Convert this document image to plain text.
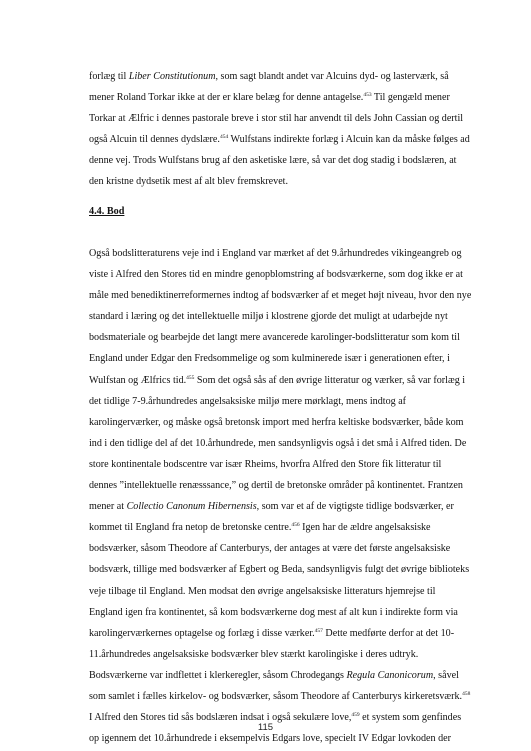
forlæg til Liber Constitutionum, som sagt blandt andet var Alcuins dyd- og lasterværk, så
mener Roland Torkar ikke at der er klare belæg for denne antagelse.$^{453}$ Til gengæld mener
Torkar at Ælfric i dennes pastorale breve i stor stil har anvendt til dels John Cassian og dertil
også Alcuin til dennes dydslære.$^{454}$ Wulfstans indirekte forlæg i Alcuin kan da måske følges ad
denne vej. Trods Wulfstans brug af den asketiske lære, så var det dog stadig i bodslæren, at
den kristne dydsetik mest af alt blev fremskrevet.
4.4. Bod
Også bodslitteraturens veje ind i England var mærket af det 9.århundredes vikingeangreb og
viste i Alfred den Stores tid en mindre genopblomstring af bodsværkerne, som dog ikke er at
måle med benediktinerreformernes indtog af bodsværker af et meget højt niveau, hvor den nye
standard i læring og det intellektuelle miljø i klostrene gjorde det muligt at udarbejde nyt
bodsmateriale og bearbejde det langt mere avancerede karolinger-bodslitteratur som kom til
England under Edgar den Fredsommelige og som kulminerede især i generationen efter, i
Wulfstan og Ælfrics tid.$^{455}$ Som det også sås af den øvrige litteratur og værker, så var forlæg i
det tidlige 7-9.århundredes angelsaksiske miljø mere mørklagt, mens indtog af
karolingerværker, og måske også bretonsk import med herfra keltiske bodsværker, både kom
ind i den tidlige del af det 10.århundrede, men sandsynligvis også i det små i Alfred tiden. De
store kontinentale bodscentre var især Rheims, hvorfra Alfred den Store fik litteratur til
dennes ”intellektuelle renæsssance,” og dertil de bretonske områder på kontinentet. Frantzen
mener at Collectio Canonum Hibernensis, som var et af de vigtigste tidlige bodsværker, er
kommet til England fra netop de bretonske centre.$^{456}$ Igen har de ældre angelsaksiske
bodsværker, såsom Theodore af Canterburys, der antages at være det første angelsaksiske
bodsværk, tillige med bodsværker af Egbert og Beda, sandsynligvis fulgt det øvrige biblioteks
veje tilbage til England. Men modsat den øvrige angelsaksiske litteraturs hjemrejse til
England igen fra kontinentet, så kom bodsværkerne dog mest af alt kun i indirekte form via
karolingerværkernes optagelse og forlæg i disse værker.$^{457}$ Dette medførte derfor at det 10-
11.århundredes angelsaksiske bodsværker blev stærkt karolingiske i deres udtryk.
Bodsværkerne var indflettet i klerkeregler, såsom Chrodegangs Regula Canonicorum, såvel
som samlet i fælles kirkelov- og bodsværker, såsom Theodore af Canterburys kirkeretsværk.$^{458}$
I Alfred den Stores tid sås bodslæren indsat i også sekulære love,$^{459}$ et system som genfindes
op igennem det 10.århundrede i eksempelvis Edgars love, specielt IV Edgar lovkoden der
115
